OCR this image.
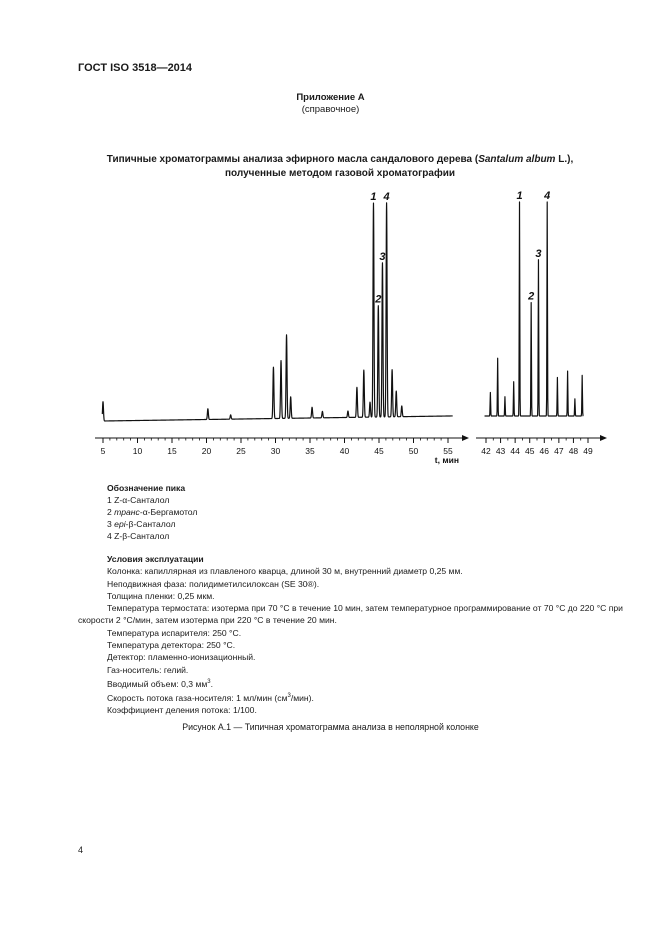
ГОСТ ISO 3518—2014
Приложение А
(справочное)
Типичные хроматограммы анализа эфирного масла сандалового дерева (Santalum album L.),
полученные методом газовой хроматографии
1
2
3
4
5	10	15	20	25	30	35	40	45	50	55
t, мин
1
2
3
4
42 43 44 45 46 47 48 49
Обозначение пика
1 Z-α-Сантaлол
2 транс-α-Бергамотол
3 epi-β-Санталол
4 Z-β-Санталол
Условия эксплуатации
Колонка: капиллярная из плавленого кварца, длиной 30 м, внутренний диаметр 0,25 мм.
Неподвижная фаза: полидиметилсилоксан (SE 30®).
Толщина пленки: 0,25 мкм.
Температура термостата: изотерма при 70 °С в течение 10 мин, затем температурное программирование от 70 °С до 220 °С при скорости 2 °С/мин, затем изотерма при 220 °С в течение 20 мин.
Температура испарителя: 250 °С.
Температура детектора: 250 °С.
Детектор: пламенно-ионизационный.
Газ-носитель: гелий.
Вводимый объем: 0,3 $мм^3$.
Скорость потока газа-носителя: 1 мл/мин $(см^3/мин)$.
Коэффициент деления потока: 1/100.
Рисунок А.1 — Типичная хроматограмма анализа в неполярной колонке
4
